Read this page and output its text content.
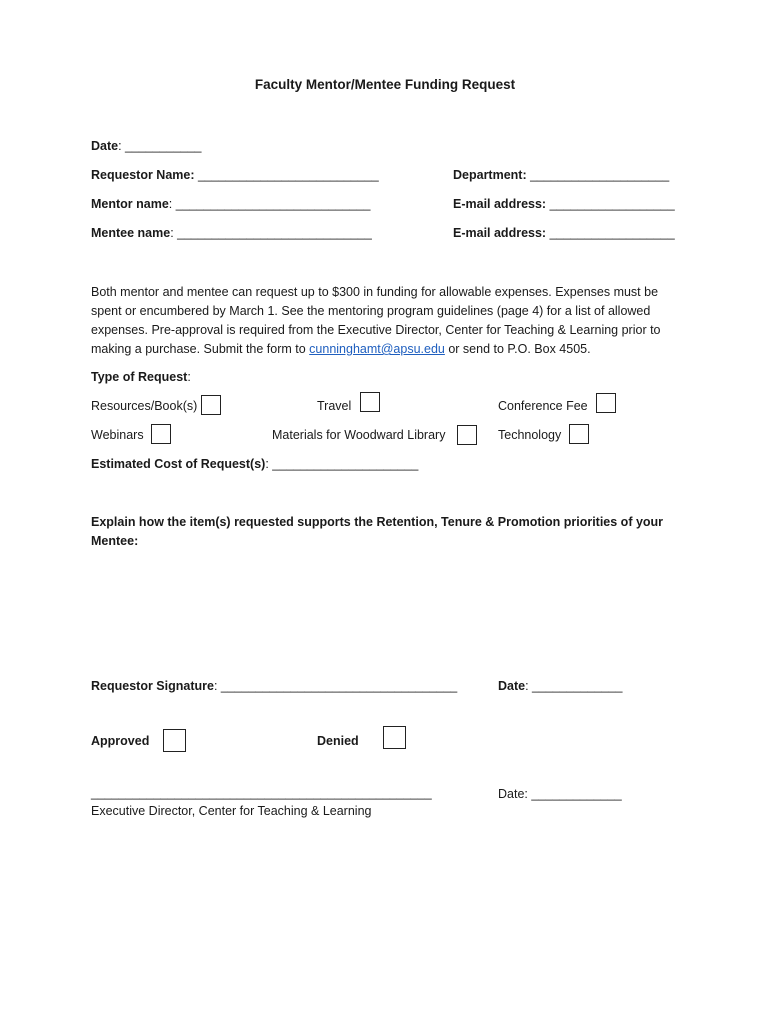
Faculty Mentor/Mentee Funding Request
Date: ___________
Requestor Name: __________________________	Department: ____________________
Mentor name: ____________________________	E-mail address: __________________
Mentee name: ____________________________	E-mail address: __________________
Both mentor and mentee can request up to $300 in funding for allowable expenses. Expenses must be spent or encumbered by March 1. See the mentoring program guidelines (page 4) for a list of allowed expenses. Pre-approval is required from the Executive Director, Center for Teaching & Learning prior to making a purchase. Submit the form to cunninghamt@apsu.edu or send to P.O. Box 4505.
Type of Request:
Resources/Book(s)	Travel	Conference Fee
Webinars	Materials for Woodward Library	Technology
Estimated Cost of Request(s): _____________________
Explain how the item(s) requested supports the Retention, Tenure & Promotion priorities of your
Mentee:
Requestor Signature: __________________________________	Date: _____________
Approved	Denied
_________________________________________________
Executive Director, Center for Teaching & Learning
Date: _____________
